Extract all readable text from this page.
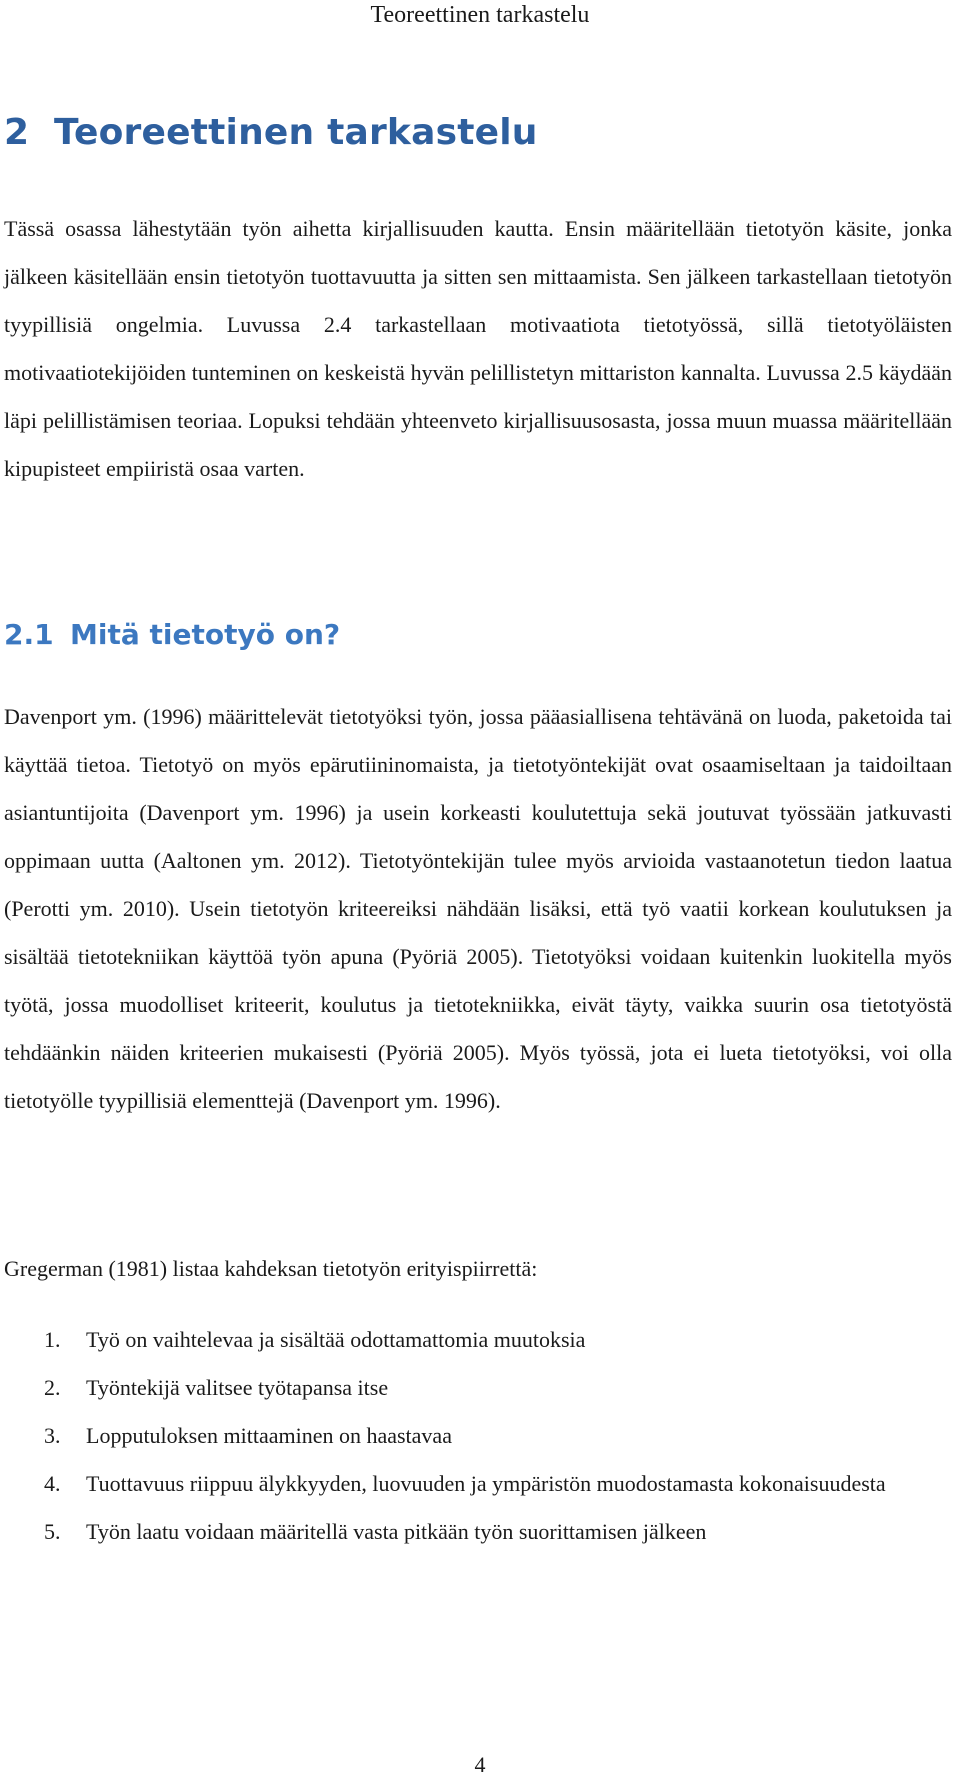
Teoreettinen tarkastelu
2 Teoreettinen tarkastelu

Tässä osassa lähestytään työn aihetta kirjallisuuden kautta. Ensin määritellään tietotyön käsite, jonka jälkeen käsitellään ensin tietotyön tuottavuutta ja sitten sen mittaamista. Sen jälkeen tarkastellaan tietotyön tyypillisiä ongelmia. Luvussa 2.4 tarkastellaan motivaatiota tietotyössä, sillä tietotyöläisten motivaatiotekijöiden tunteminen on keskeistä hyvän pelillistetyn mittariston kannalta. Luvussa 2.5 käydään läpi pelillistämisen teoriaa. Lopuksi tehdään yhteenveto kirjallisuusosasta, jossa muun muassa määritellään kipupisteet empiiristä osaa varten.

2.1 Mitä tietotyö on?

Davenport ym. (1996) määrittelevät tietotyöksi työn, jossa pääasiallisena tehtävänä on luoda, paketoida tai käyttää tietoa. Tietotyö on myös epärutiininomaista, ja tietotyöntekijät ovat osaamiseltaan ja taidoiltaan asiantuntijoita (Davenport ym. 1996) ja usein korkeasti koulutettuja sekä joutuvat työssään jatkuvasti oppimaan uutta (Aaltonen ym. 2012). Tietotyöntekijän tulee myös arvioida vastaanotetun tiedon laatua (Perotti ym. 2010). Usein tietotyön kriteereiksi nähdään lisäksi, että työ vaatii korkean koulutuksen ja sisältää tietotekniikan käyttöä työn apuna (Pyöriä 2005). Tietotyöksi voidaan kuitenkin luokitella myös työtä, jossa muodolliset kriteerit, koulutus ja tietotekniikka, eivät täyty, vaikka suurin osa tietotyöstä tehdäänkin näiden kriteerien mukaisesti (Pyöriä 2005). Myös työssä, jota ei lueta tietotyöksi, voi olla tietotyölle tyypillisiä elementtejä (Davenport ym. 1996).

Gregerman (1981) listaa kahdeksan tietotyön erityispiirrettä:

1. Työ on vaihtelevaa ja sisältää odottamattomia muutoksia
2. Työntekijä valitsee työtapansa itse
3. Lopputuloksen mittaaminen on haastavaa
4. Tuottavuus riippuu älykkyyden, luovuuden ja ympäristön muodostamasta kokonaisuudesta
5. Työn laatu voidaan määritellä vasta pitkään työn suorittamisen jälkeen
4
